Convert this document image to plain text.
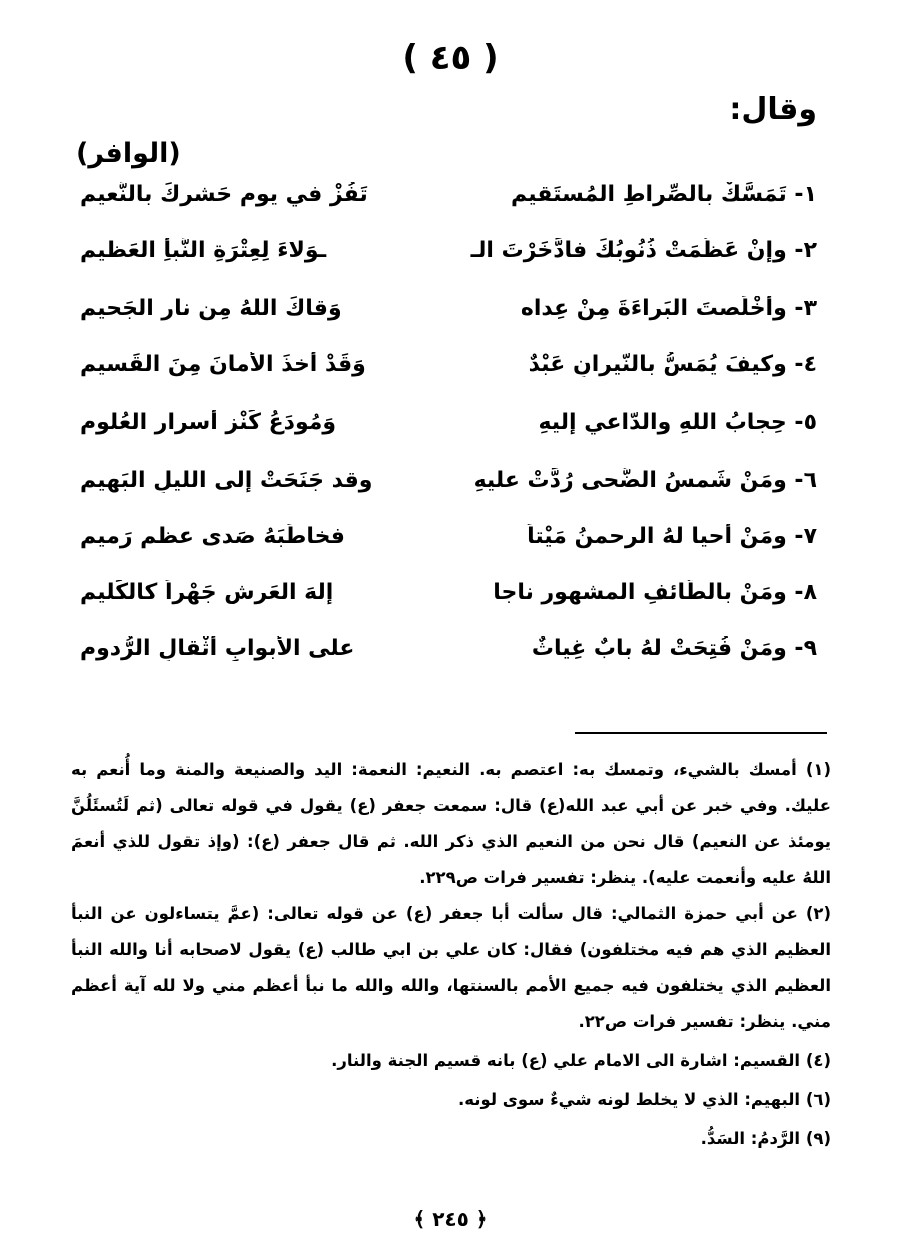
( ٤٥ )
وقال:
(الوافر)
١- تَمَسَّكْ بالصِّراطِ المُستَقيمِ
تَفُزْ في يومِ حَشرِكَ بالنَّعيمِ
٢- وإنْ عَظُمَتْ ذُنُوبُكَ فادَّخَرْتَ الـ
ـوَلاءَ لِعِتْرَةِ النَّبأِ العَظيمِ
٣- وأخْلَصتَ البَراءَةَ مِنْ عِداه
وَقاكَ اللهُ مِن نارِ الجَحيمِ
٤- وكيفَ يُمَسُّ بالنّيرانِ عَبْدٌ
وَقَدْ أخذَ الأمانَ مِنَ القَسيمِ
٥- حِجابُ اللهِ والدّاعي إليهِ
وَمُودَعُ كَنْزِ أسرارِ العُلومِ
٦- ومَنْ شَمسُ الضُّحى رُدَّتْ عليهِ
وقد جَنَحَتْ إلى الليلِ البَهيمِ
٧- ومَنْ أحيا لهُ الرحمنُ مَيْتاً
فخاطَبَهُ صَدى عظمٍ رَميمِ
٨- ومَنْ بالطّائفِ المشهورِ ناجا
إلهَ العَرشِ جَهْراً كالكَليمِ
٩- ومَنْ فُتِحَتْ لهُ بابٌ غِياثٌ
على الأبوابِ أثْقالِ الرُّدومِ

(١) أمسك بالشيء، وتمسك به: اعتصم به. النعيم: النعمة: اليد والصنيعة والمنة وما أُنعم به عليك. وفي خبر عن أبي عبد الله(ع) قال: سمعت جعفر (ع) يقول في قوله تعالى (ثم لَتُسئَلُنَّ يومئذ عن النعيم) قال نحن من النعيم الذي ذكر الله. ثم قال جعفر (ع): (وإذ تقول للذي أنعمَ اللهُ عليه وأنعمت عليه). ينظر: تفسير فرات ص٢٢٩.

(٢) عن أبي حمزة الثمالي: قال سألت أبا جعفر (ع) عن قوله تعالى: (عمَّ يتساءلون عن النبأ العظيم الذي هم فيه مختلفون) فقال: كان علي بن ابي طالب (ع) يقول لاصحابه أنا والله النبأ العظيم الذي يختلفون فيه جميع الأمم بالسنتها، والله والله ما نبأ أعظم مني ولا لله آية أعظم مني. ينظر: تفسير فرات ص٢٢.

(٤) القسيم: اشارة الى الامام علي (ع) بانه قسيم الجنة والنار.

(٦) البهيم: الذي لا يخلط لونه شيءٌ سوى لونه.

(٩) الرَّدمُ: السَدُّ.

﴿ ٢٤٥ ﴾
